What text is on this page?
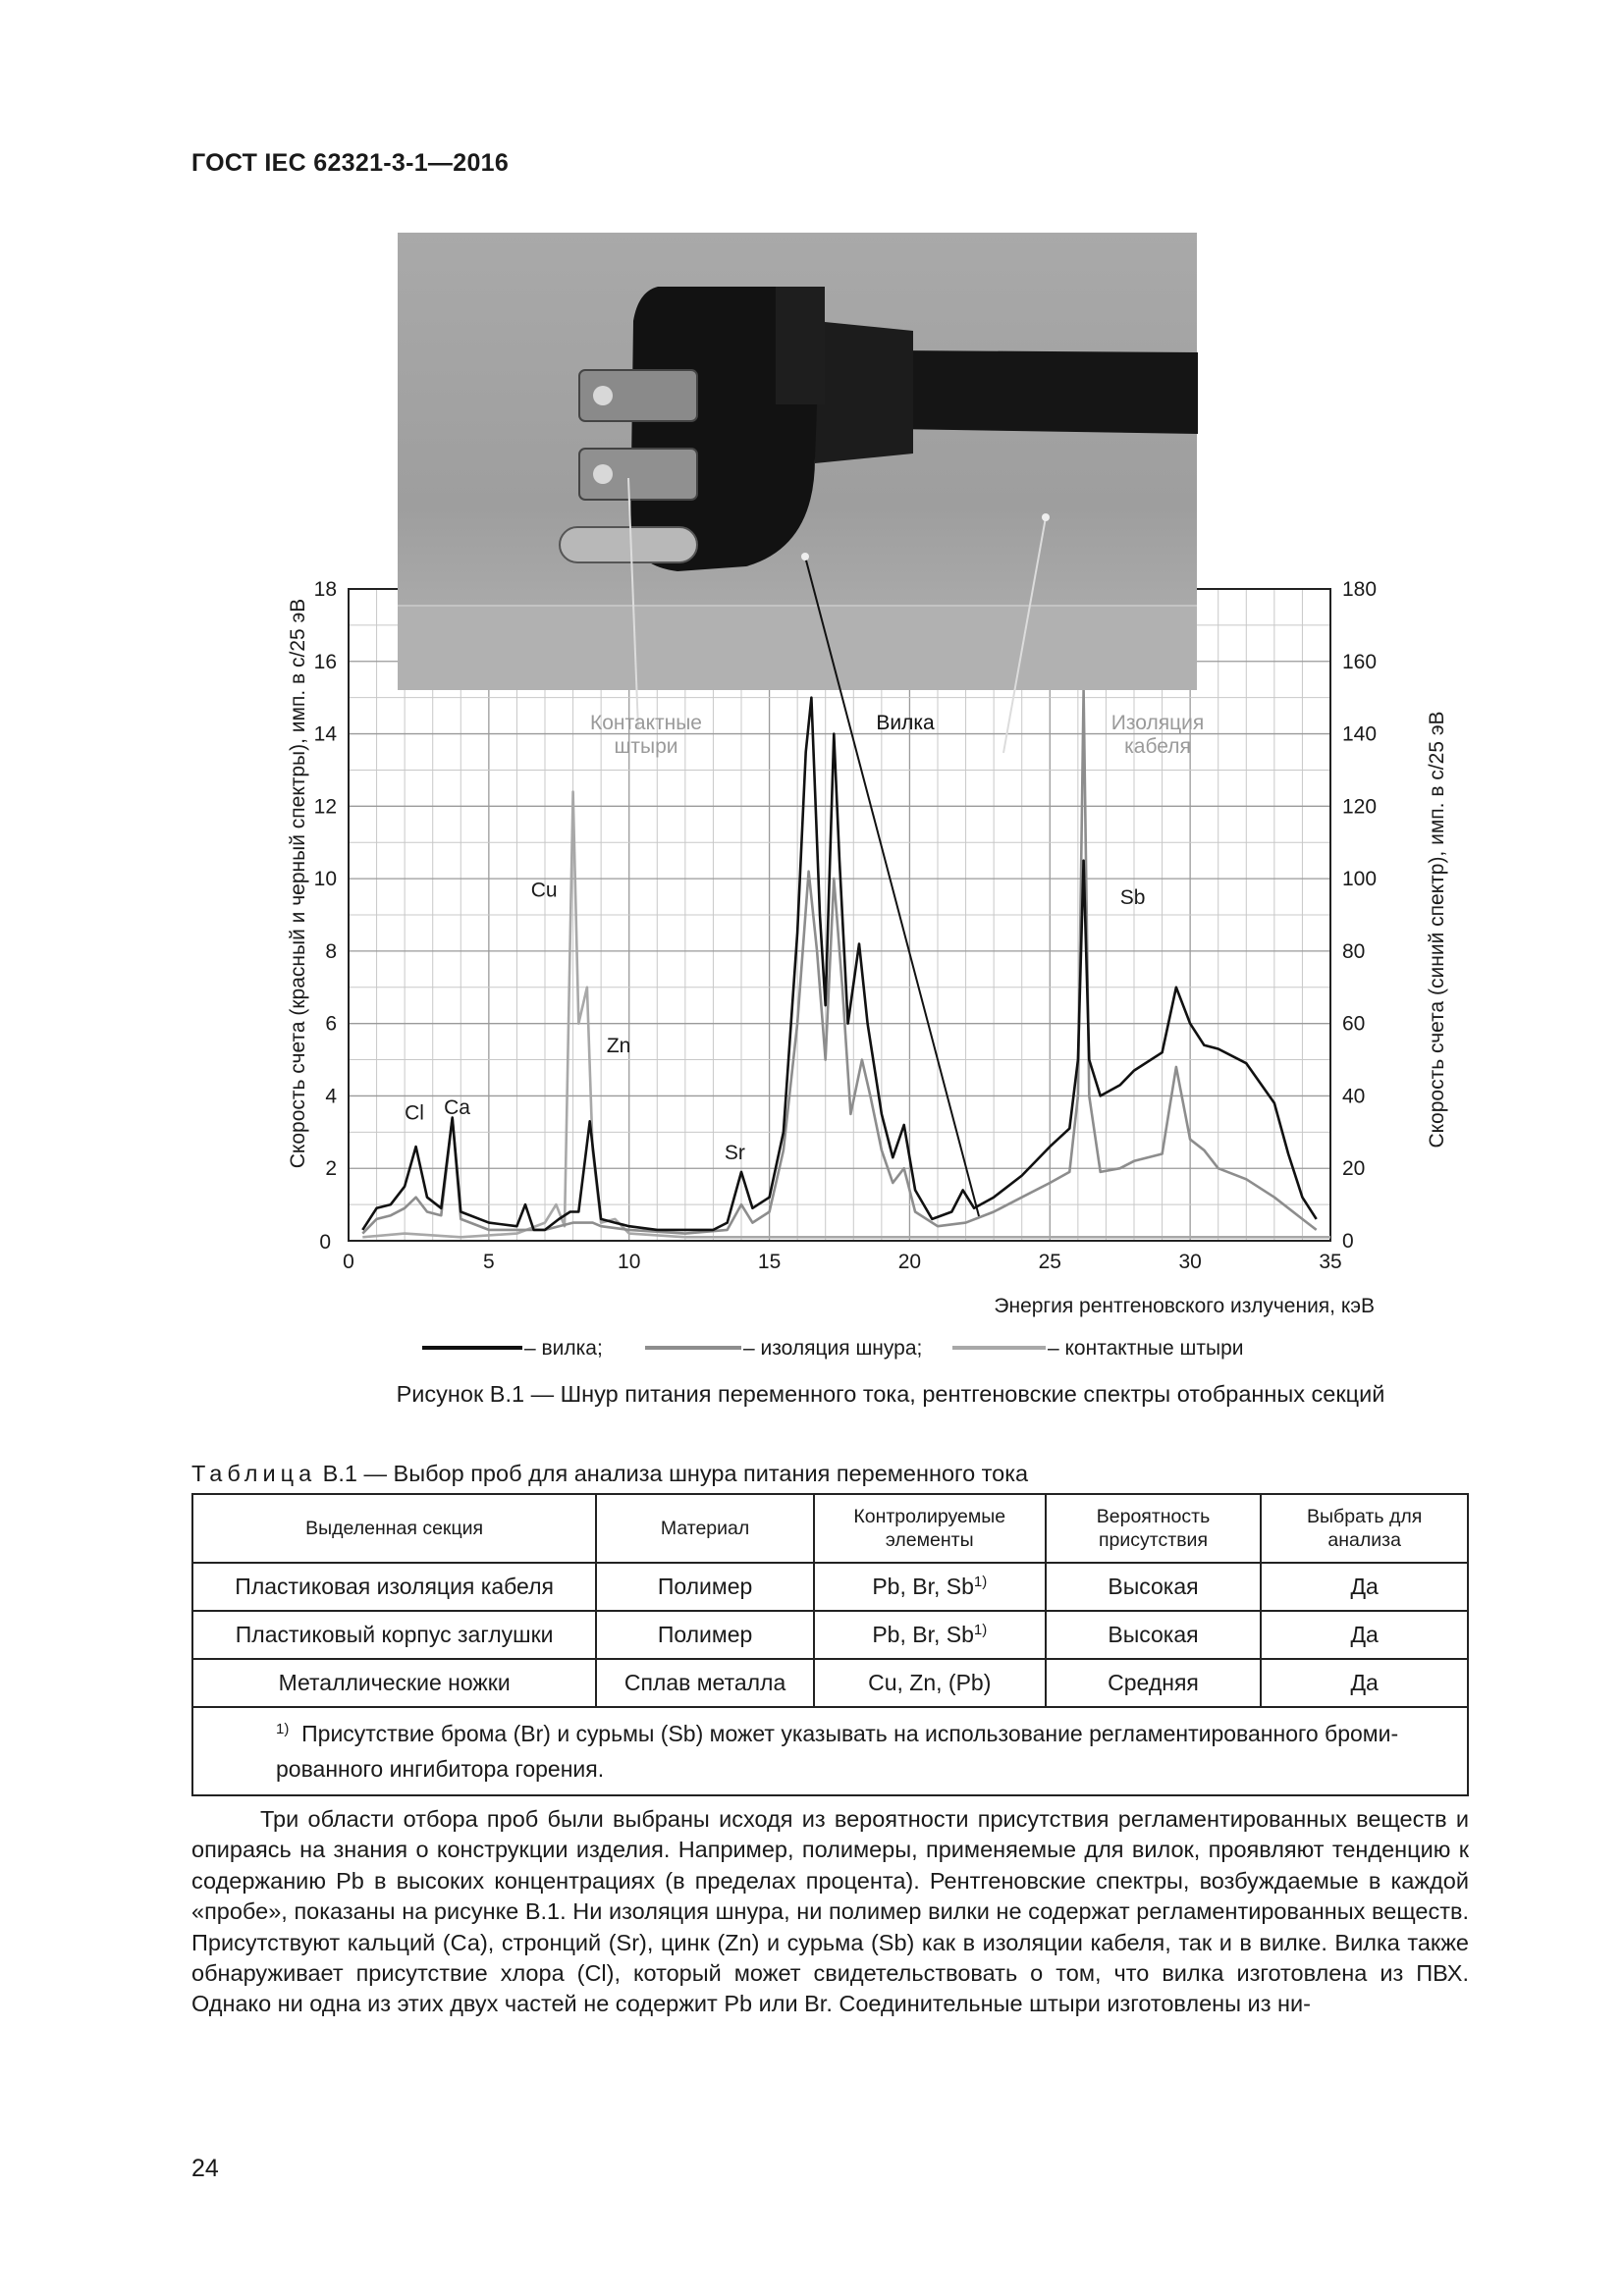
ГОСТ IEC 62321-3-1—2016
0	5	10	15	20	25	30	35
0
2
4
6
8
10
12
14
16
18
0
20
40
60
80
100
120
140
160
180
Cl Ca
Cu
Zn
Sr
Sb
Контактные
штыри
Вилка	Изоляция
кабеля
Скорость счета (красный и черный спектры), имп. в с/25 эВ	Скорость счета (синий спектр), имп. в с/25 эВ
Энергия рентгеновского излучения, кэВ
– вилка;	– изоляция шнура;	– контактные штыри
Рисунок В.1 — Шнур питания переменного тока, рентгеновские спектры отобранных секций
Таблица В.1 — Выбор проб для анализа шнура питания переменного тока
Выделенная секция	Материал	Контролируемые элементы	Вероятность присутствия	Выбрать для анализа
Пластиковая изоляция кабеля	Полимер	Pb, Br, Sb$^{1)}$	Высокая	Да
Пластиковый корпус заглушки	Полимер	Pb, Br, Sb$^{1)}$	Высокая	Да
Металлические ножки	Сплав металла	Cu, Zn, (Pb)	Средняя	Да
$^{1)}$ Присутствие брома (Br) и сурьмы (Sb) может указывать на использование регламентированного броми-рованного ингибитора горения.				

Три области отбора проб были выбраны исходя из вероятности присутствия регламентированных веществ и опираясь на знания о конструкции изделия. Например, полимеры, применяемые для вилок, проявляют тенденцию к содержанию Pb в высоких концентрациях (в пределах процента). Рентгеновские спектры, возбуждаемые в каждой «пробе», показаны на рисунке В.1. Ни изоляция шнура, ни полимер вилки не содержат регламентированных веществ. Присутствуют кальций (Са), стронций (Sr), цинк (Zn) и сурьма (Sb) как в изоляции кабеля, так и в вилке. Вилка также обнаруживает присутствие хлора (Cl), который может свидетельствовать о том, что вилка изготовлена из ПВХ. Однако ни одна из этих двух частей не содержит Pb или Br. Соединительные штыри изготовлены из ни-

24
